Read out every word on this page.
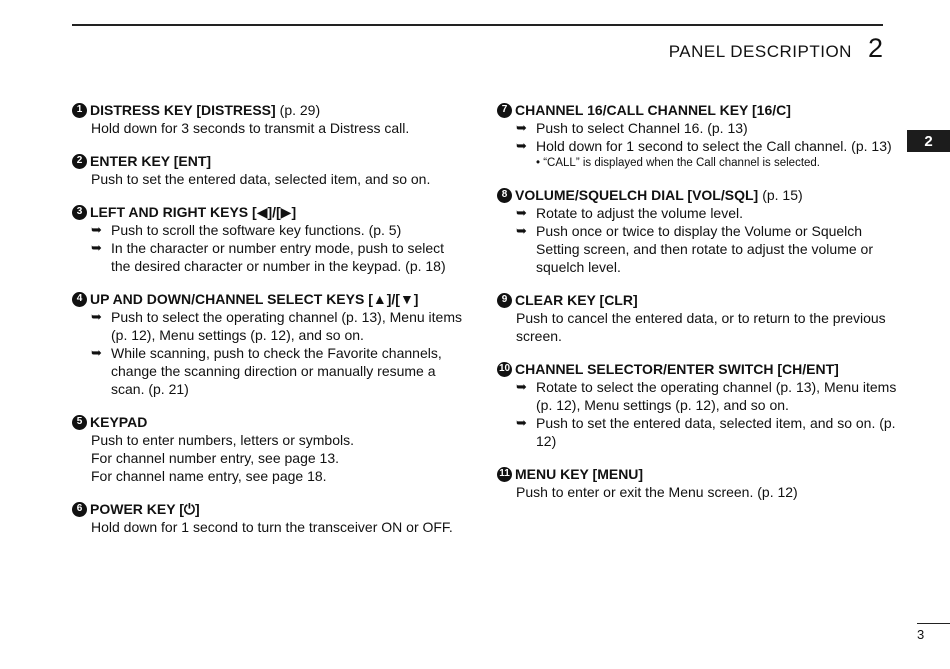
PANEL DESCRIPTION 2
2
1 DISTRESS KEY [DISTRESS] (p. 29)
Hold down for 3 seconds to transmit a Distress call.
2 ENTER KEY [ENT]
Push to set the entered data, selected item, and so on.
3 LEFT AND RIGHT KEYS [◀]/[▶]
➥ Push to scroll the software key functions. (p. 5)
➥ In the character or number entry mode, push to select the desired character or number in the keypad. (p. 18)
4 UP AND DOWN/CHANNEL SELECT KEYS [▲]/[▼]
➥ Push to select the operating channel (p. 13), Menu items (p. 12), Menu settings (p. 12), and so on.
➥ While scanning, push to check the Favorite channels, change the scanning direction or manually resume a scan. (p. 21)
5 KEYPAD
Push to enter numbers, letters or symbols.
For channel number entry, see page 13.
For channel name entry, see page 18.
6 POWER KEY [⏻]
Hold down for 1 second to turn the transceiver ON or OFF.
7 CHANNEL 16/CALL CHANNEL KEY [16/C]
➥ Push to select Channel 16. (p. 13)
➥ Hold down for 1 second to select the Call channel. (p. 13)
• “CALL” is displayed when the Call channel is selected.
8 VOLUME/SQUELCH DIAL [VOL/SQL] (p. 15)
➥ Rotate to adjust the volume level.
➥ Push once or twice to display the Volume or Squelch Setting screen, and then rotate to adjust the volume or squelch level.
9 CLEAR KEY [CLR]
Push to cancel the entered data, or to return to the previous screen.
10 CHANNEL SELECTOR/ENTER SWITCH [CH/ENT]
➥ Rotate to select the operating channel (p. 13), Menu items (p. 12), Menu settings (p. 12), and so on.
➥ Push to set the entered data, selected item, and so on. (p. 12)
11 MENU KEY [MENU]
Push to enter or exit the Menu screen. (p. 12)
3
